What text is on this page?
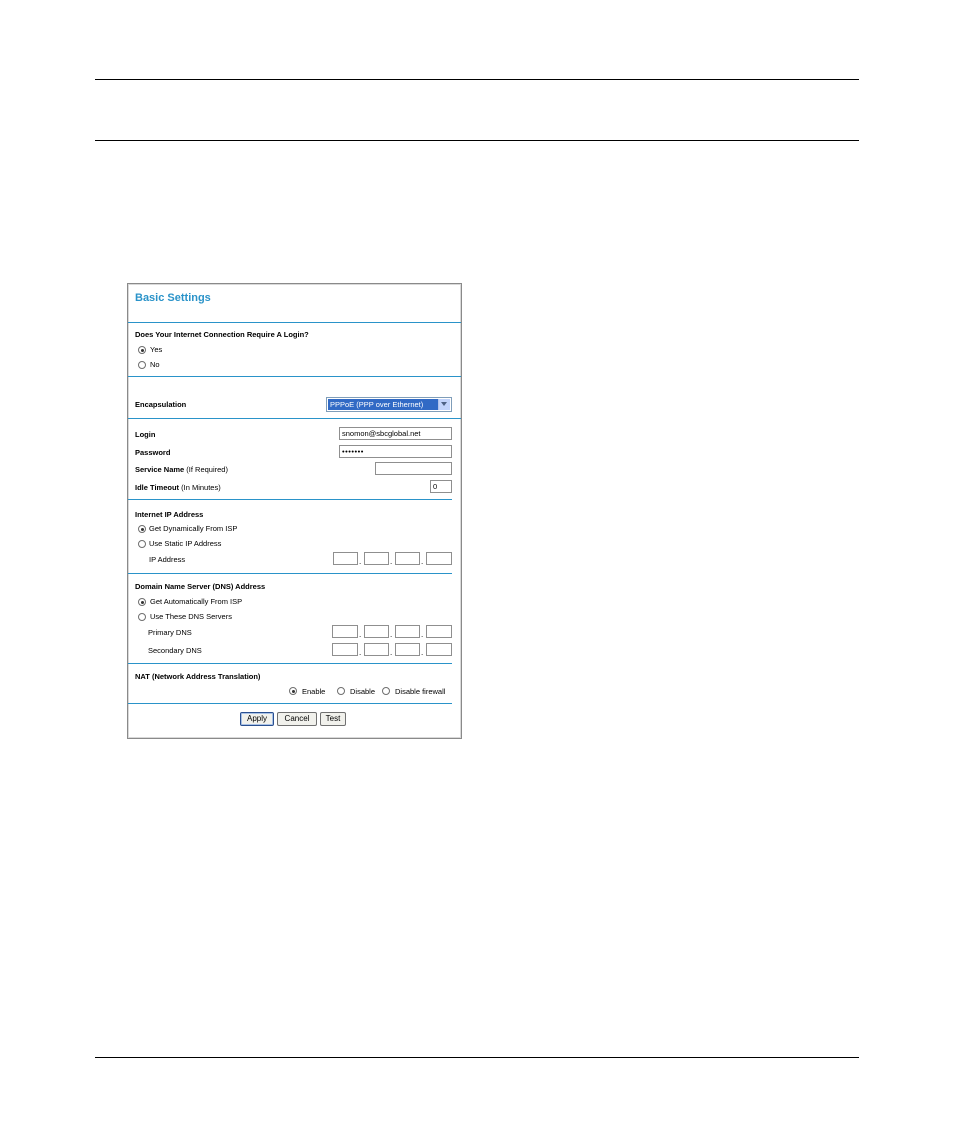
Basic Settings
Does Your Internet Connection Require A Login?
Yes
No
Encapsulation	PPPoE (PPP over Ethernet)
Login	snomon@sbcglobal.net
Password	•••••••
Service Name (If Required)
Idle Timeout (In Minutes)	0
Internet IP Address
Get Dynamically From ISP
Use Static IP Address
IP Address	.	.	.
Domain Name Server (DNS) Address
Get Automatically From ISP
Use These DNS Servers
Primary DNS	.	.	.
Secondary DNS	.	.	.
NAT (Network Address Translation)
Enable	Disable	Disable firewall
Apply	Cancel	Test
